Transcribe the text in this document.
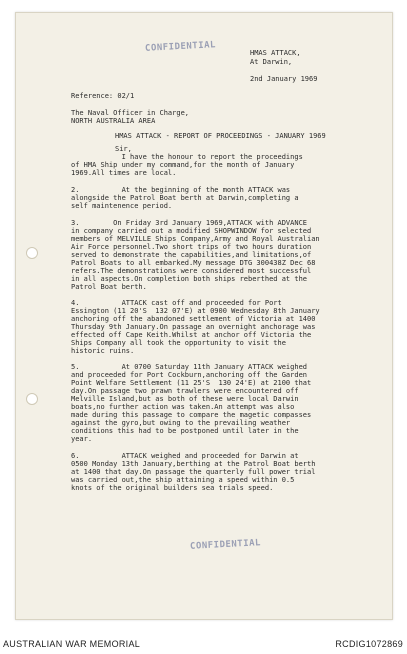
CONFIDENTIAL
CONFIDENTIAL
HMAS ATTACK,
At Darwin,
2nd January 1969
Reference: 02/1
The Naval Officer in Charge,
NORTH AUSTRALIA AREA
HMAS ATTACK - REPORT OF PROCEEDINGS - JANUARY 1969
Sir,
I have the honour to report the proceedings
of HMA Ship under my command,for the month of January
1969.All times are local.
2.          At the beginning of the month ATTACK was
alongside the Patrol Boat berth at Darwin,completing a
self maintenence period.
3.        On Friday 3rd January 1969,ATTACK with ADVANCE
in company carried out a modified SHOPWINDOW for selected
members of MELVILLE Ships Company,Army and Royal Australian
Air Force personnel.Two short trips of two hours duration
served to demonstrate the capabilities,and limitations,of
Patrol Boats to all embarked.My message DTG 300438Z Dec 68
refers.The demonstrations were considered most successful
in all aspects.On completion both ships reberthed at the
Patrol Boat berth.
4.          ATTACK cast off and proceeded for Port
Essington (11 20'S  132 07'E) at 0900 Wednesday 8th January
anchoring off the abandoned settlement of Victoria at 1400
Thursday 9th January.On passage an overnight anchorage was
effected off Cape Keith.Whilst at anchor off Victoria the
Ships Company all took the opportunity to visit the
historic ruins.
5.          At 0700 Saturday 11th January ATTACK weighed
and proceeded for Port Cockburn,anchoring off the Garden
Point Welfare Settlement (11 25'S  130 24'E) at 2100 that
day.On passage two prawn trawlers were encountered off
Melville Island,but as both of these were local Darwin
boats,no further action was taken.An attempt was also
made during this passage to compare the magetic compasses
against the gyro,but owing to the prevailing weather
conditions this had to be postponed until later in the
year.
6.          ATTACK weighed and proceeded for Darwin at
0500 Monday 13th January,berthing at the Patrol Boat berth
at 1400 that day.On passage the quarterly full power trial
was carried out,the ship attaining a speed within 0.5
knots of the original builders sea trials speed.
AUSTRALIAN WAR MEMORIAL	RCDIG1072869
